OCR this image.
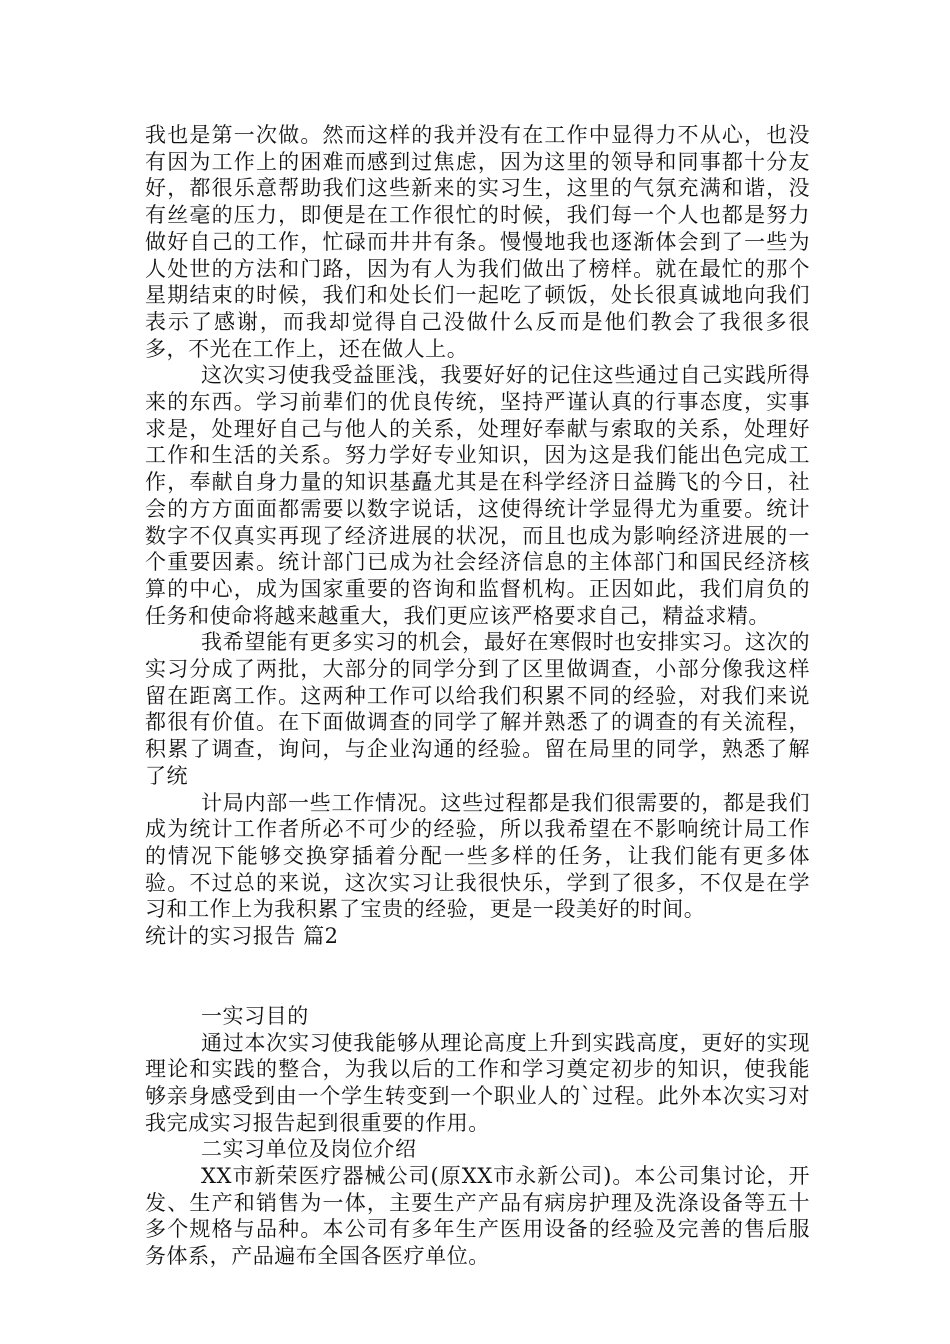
我也是第一次做。然而这样的我并没有在工作中显得力不从心，也没有因为工作上的困难而感到过焦虑，因为这里的领导和同事都十分友好，都很乐意帮助我们这些新来的实习生，这里的气氛充满和谐，没有丝毫的压力，即便是在工作很忙的时候，我们每一个人也都是努力做好自己的工作，忙碌而井井有条。慢慢地我也逐渐体会到了一些为人处世的方法和门路，因为有人为我们做出了榜样。就在最忙的那个星期结束的时候，我们和处长们一起吃了顿饭，处长很真诚地向我们表示了感谢，而我却觉得自己没做什么反而是他们教会了我很多很多，不光在工作上，还在做人上。

这次实习使我受益匪浅，我要好好的记住这些通过自己实践所得来的东西。学习前辈们的优良传统，坚持严谨认真的行事态度，实事求是，处理好自己与他人的关系，处理好奉献与索取的关系，处理好工作和生活的关系。努力学好专业知识，因为这是我们能出色完成工作，奉献自身力量的知识基矗尤其是在科学经济日益腾飞的今日，社会的方方面面都需要以数字说话，这使得统计学显得尤为重要。统计数字不仅真实再现了经济进展的状况，而且也成为影响经济进展的一个重要因素。统计部门已成为社会经济信息的主体部门和国民经济核算的中心，成为国家重要的咨询和监督机构。正因如此，我们肩负的任务和使命将越来越重大，我们更应该严格要求自己，精益求精。

我希望能有更多实习的机会，最好在寒假时也安排实习。这次的实习分成了两批，大部分的同学分到了区里做调查，小部分像我这样留在距离工作。这两种工作可以给我们积累不同的经验，对我们来说都很有价值。在下面做调查的同学了解并熟悉了的调查的有关流程，积累了调查，询问，与企业沟通的经验。留在局里的同学，熟悉了解了统

计局内部一些工作情况。这些过程都是我们很需要的，都是我们成为统计工作者所必不可少的经验，所以我希望在不影响统计局工作的情况下能够交换穿插着分配一些多样的任务，让我们能有更多体验。不过总的来说，这次实习让我很快乐，学到了很多，不仅是在学习和工作上为我积累了宝贵的经验，更是一段美好的时间。

统计的实习报告 篇2

一实习目的

通过本次实习使我能够从理论高度上升到实践高度，更好的实现理论和实践的整合，为我以后的工作和学习奠定初步的知识，使我能够亲身感受到由一个学生转变到一个职业人的`过程。此外本次实习对我完成实习报告起到很重要的作用。

二实习单位及岗位介绍

XX市新荣医疗器械公司(原XX市永新公司)。本公司集讨论，开发、生产和销售为一体，主要生产产品有病房护理及洗涤设备等五十多个规格与品种。本公司有多年生产医用设备的经验及完善的售后服务体系，产品遍布全国各医疗单位。
